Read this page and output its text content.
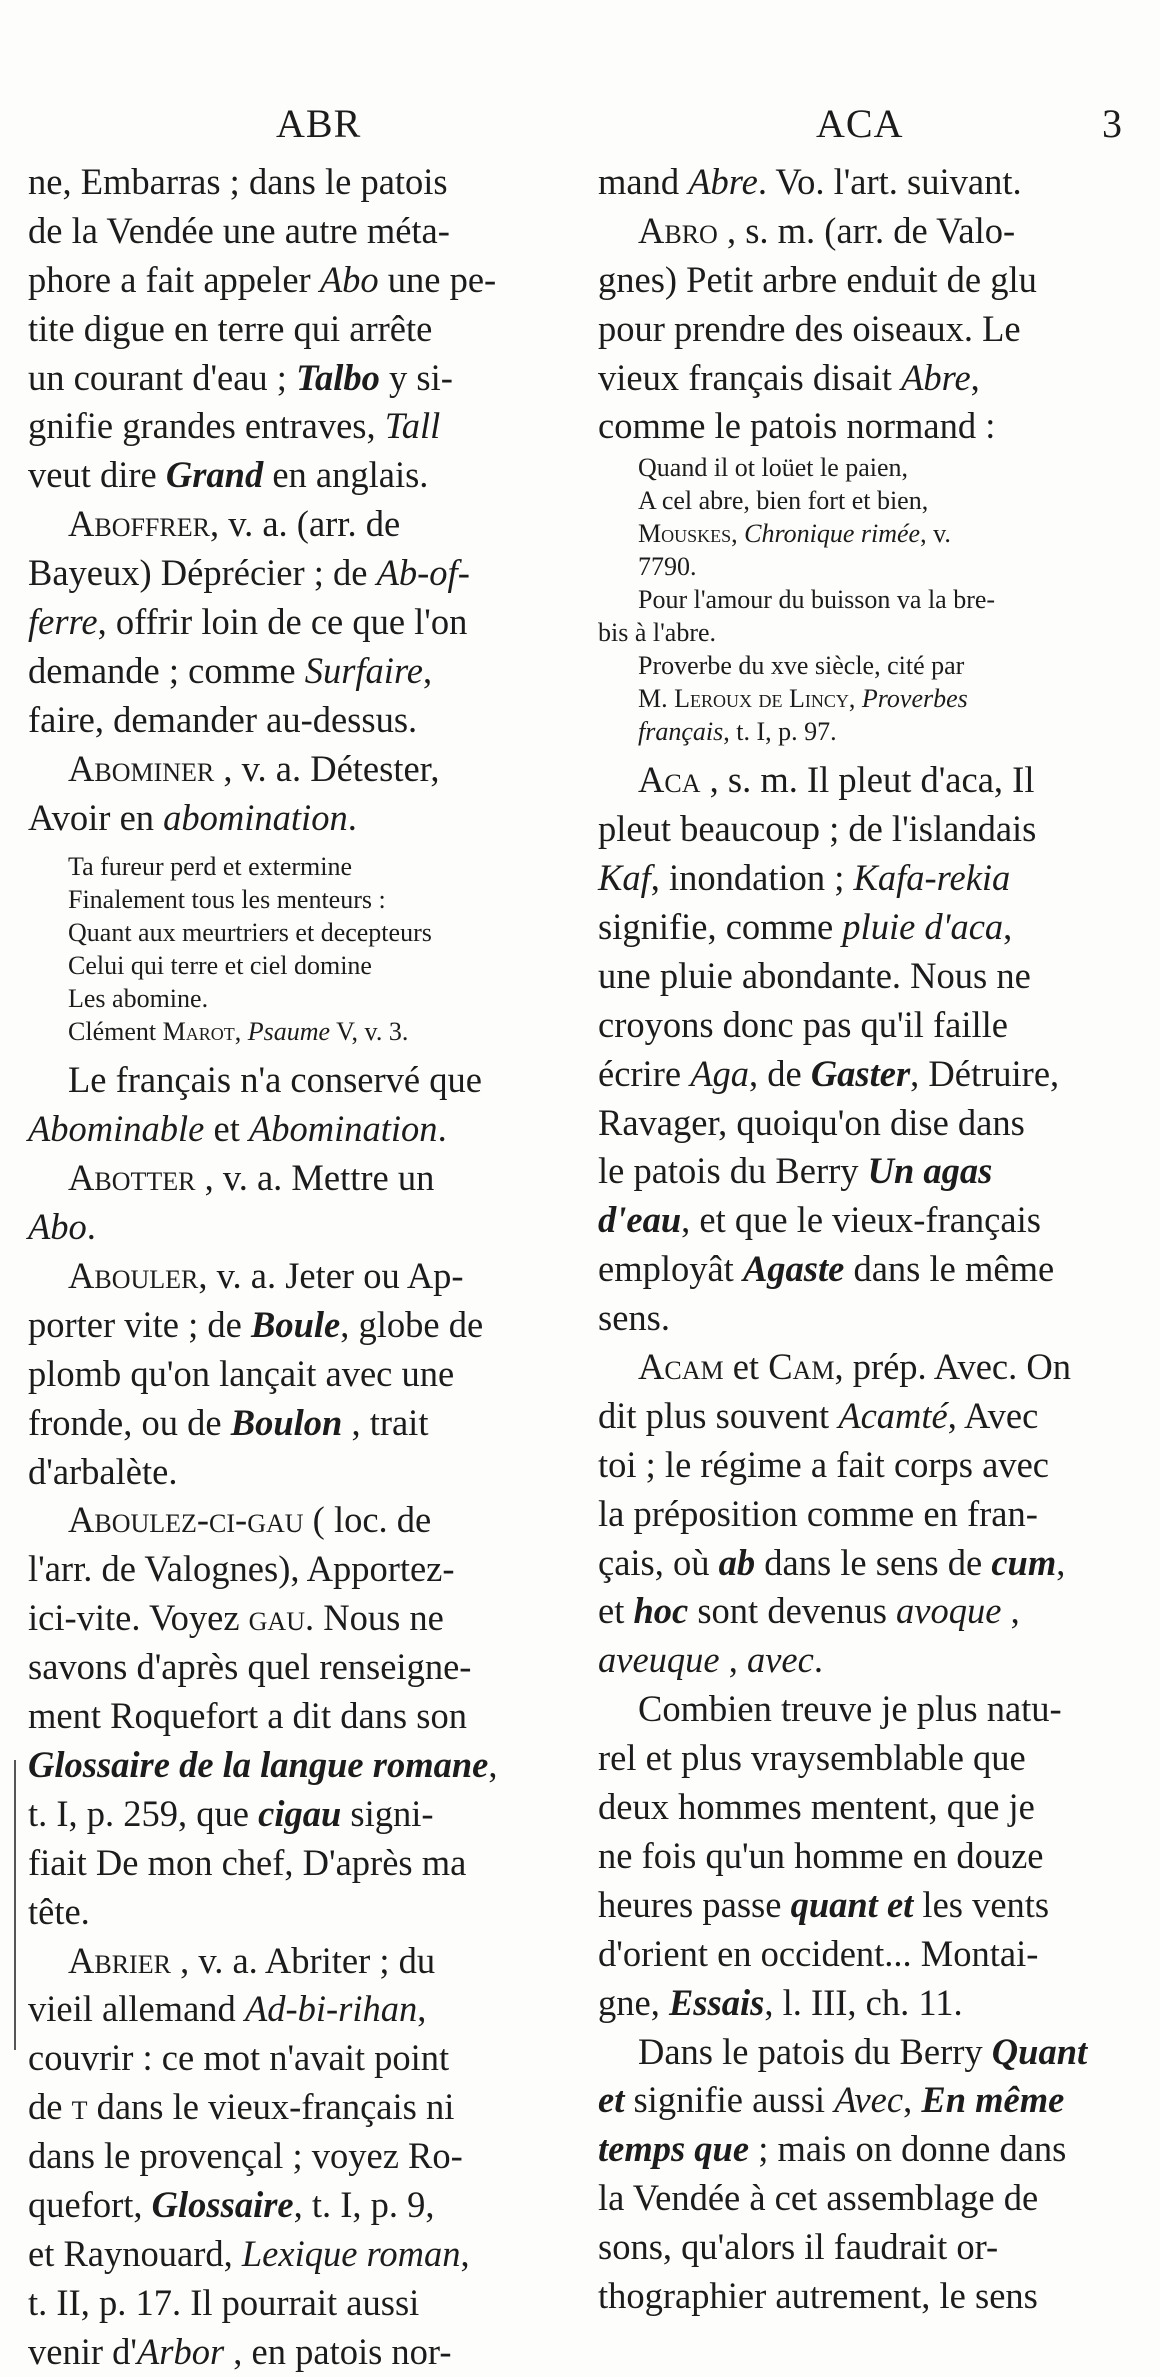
ABR	ACA	3
ne, Embarras ; dans le patois
de la Vendée une autre méta-
phore a fait appeler Abo une pe-
tite digue en terre qui arrête
un courant d'eau ; Talbo y si-
gnifie grandes entraves, Tall
veut dire Grand en anglais.
Aboffrer, v. a. (arr. de
Bayeux) Déprécier ; de Ab-of-
ferre, offrir loin de ce que l'on
demande ; comme Surfaire,
faire, demander au-dessus.
Abominer , v. a. Détester,
Avoir en abomination.
Ta fureur perd et extermine
Finalement tous les menteurs :
Quant aux meurtriers et decepteurs
Celui qui terre et ciel domine
Les abomine.
Clément Marot, Psaume V, v. 3.
Le français n'a conservé que
Abominable et Abomination.
Abotter , v. a. Mettre un
Abo.
Abouler, v. a. Jeter ou Ap-
porter vite ; de Boule, globe de
plomb qu'on lançait avec une
fronde, ou de Boulon , trait
d'arbalète.
Aboulez-ci-gau ( loc. de
l'arr. de Valognes), Apportez-
ici-vite. Voyez gau. Nous ne
savons d'après quel renseigne-
ment Roquefort a dit dans son
Glossaire de la langue romane,
t. I, p. 259, que cigau signi-
fiait De mon chef, D'après ma
tête.
Abrier , v. a. Abriter ; du
vieil allemand Ad-bi-rihan,
couvrir : ce mot n'avait point
de t dans le vieux-français ni
dans le provençal ; voyez Ro-
quefort, Glossaire, t. I, p. 9,
et Raynouard, Lexique roman,
t. II, p. 17. Il pourrait aussi
venir d'Arbor , en patois nor-
mand Abre. Vo. l'art. suivant.
Abro , s. m. (arr. de Valo-
gnes) Petit arbre enduit de glu
pour prendre des oiseaux. Le
vieux français disait Abre,
comme le patois normand :
Quand il ot loüet le paien,
A cel abre, bien fort et bien,
Mouskes, Chronique rimée, v.
7790.
Pour l'amour du buisson va la bre-
bis à l'abre.
Proverbe du xve siècle, cité par
M. Leroux de Lincy, Proverbes
français, t. I, p. 97.
Aca , s. m. Il pleut d'aca, Il
pleut beaucoup ; de l'islandais
Kaf, inondation ; Kafa-rekia
signifie, comme pluie d'aca,
une pluie abondante. Nous ne
croyons donc pas qu'il faille
écrire Aga, de Gaster, Détruire,
Ravager, quoiqu'on dise dans
le patois du Berry Un agas
d'eau, et que le vieux-français
employât Agaste dans le même
sens.
Acam et Cam, prép. Avec. On
dit plus souvent Acamté, Avec
toi ; le régime a fait corps avec
la préposition comme en fran-
çais, où ab dans le sens de cum,
et hoc sont devenus avoque ,
aveuque , avec.
Combien treuve je plus natu-
rel et plus vraysemblable que
deux hommes mentent, que je
ne fois qu'un homme en douze
heures passe quant et les vents
d'orient en occident... Montai-
gne, Essais, l. III, ch. 11.
Dans le patois du Berry Quant
et signifie aussi Avec, En même
temps que ; mais on donne dans
la Vendée à cet assemblage de
sons, qu'alors il faudrait or-
thographier autrement, le sens
